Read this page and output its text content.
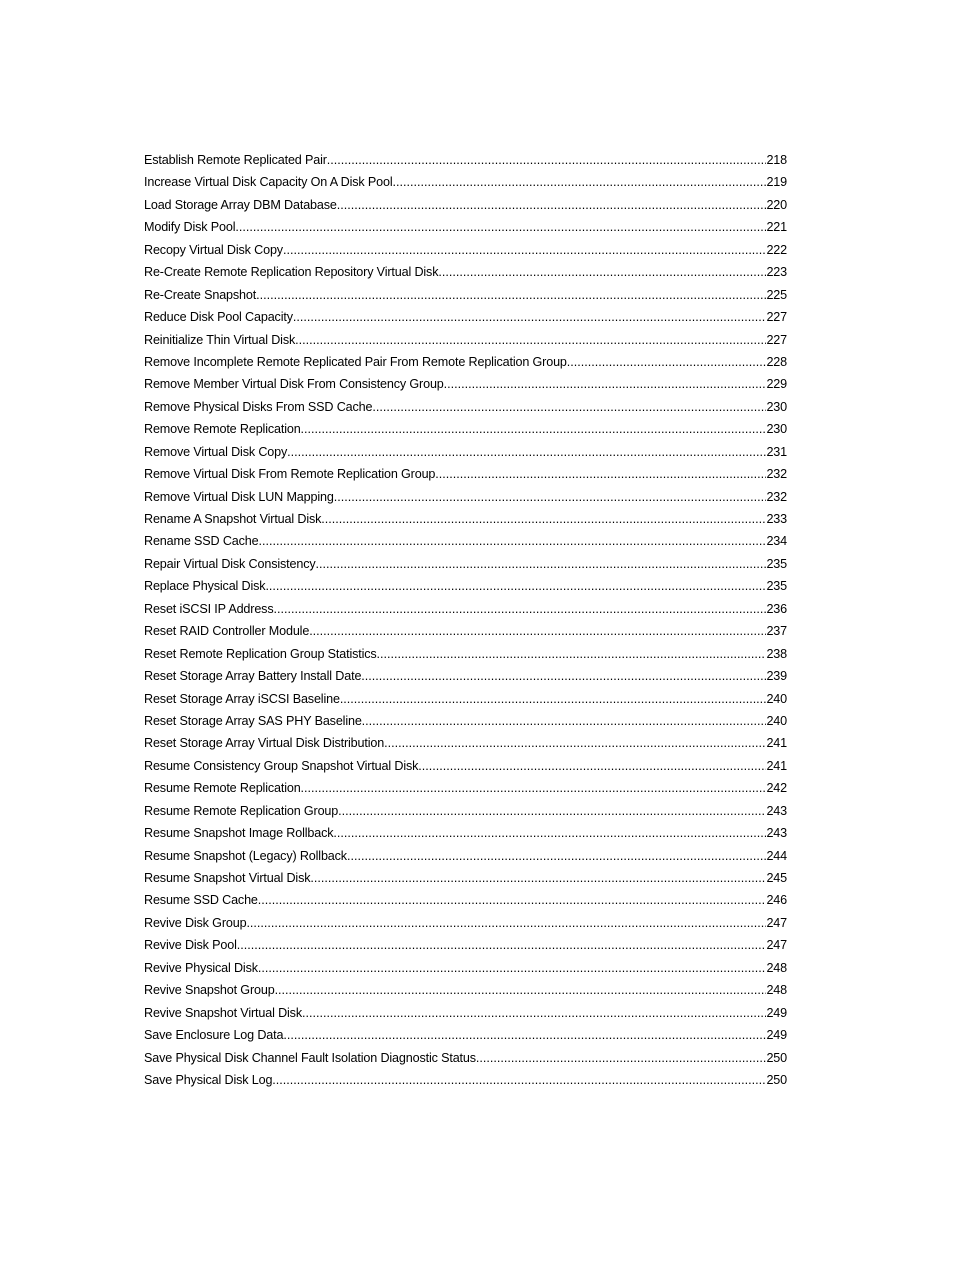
Establish Remote Replicated Pair .....	218
Increase Virtual Disk Capacity On A Disk Pool .....	219
Load Storage Array DBM Database .....	220
Modify Disk Pool .....	221
Recopy Virtual Disk Copy .....	222
Re-Create Remote Replication Repository Virtual Disk .....	223
Re-Create Snapshot .....	225
Reduce Disk Pool Capacity .....	227
Reinitialize Thin Virtual Disk .....	227
Remove Incomplete Remote Replicated Pair From Remote Replication Group .....	228
Remove Member Virtual Disk From Consistency Group .....	229
Remove Physical Disks From SSD Cache .....	230
Remove Remote Replication .....	230
Remove Virtual Disk Copy .....	231
Remove Virtual Disk From Remote Replication Group .....	232
Remove Virtual Disk LUN Mapping .....	232
Rename A Snapshot Virtual Disk .....	233
Rename SSD Cache .....	234
Repair Virtual Disk Consistency .....	235
Replace Physical Disk .....	235
Reset iSCSI IP Address .....	236
Reset RAID Controller Module .....	237
Reset Remote Replication Group Statistics .....	238
Reset Storage Array Battery Install Date .....	239
Reset Storage Array iSCSI Baseline .....	240
Reset Storage Array SAS PHY Baseline .....	240
Reset Storage Array Virtual Disk Distribution .....	241
Resume Consistency Group Snapshot Virtual Disk .....	241
Resume Remote Replication .....	242
Resume Remote Replication Group .....	243
Resume Snapshot Image Rollback .....	243
Resume Snapshot (Legacy) Rollback .....	244
Resume Snapshot Virtual Disk .....	245
Resume SSD Cache .....	246
Revive Disk Group .....	247
Revive Disk Pool .....	247
Revive Physical Disk .....	248
Revive Snapshot Group .....	248
Revive Snapshot Virtual Disk .....	249
Save Enclosure Log Data .....	249
Save Physical Disk Channel Fault Isolation Diagnostic Status .....	250
Save Physical Disk Log .....	250
